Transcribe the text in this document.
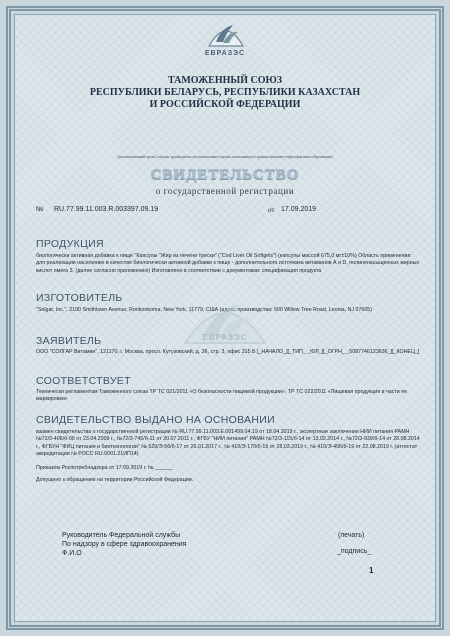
ЕВРАЗЭС
ТАМОЖЕННЫЙ СОЮЗ
РЕСПУБЛИКИ БЕЛАРУСЬ, РЕСПУБЛИКИ КАЗАХСТАН
И РОССИЙСКОЙ ФЕДЕРАЦИИ
(уполномоченный орган Стороны, руководитель уполномоченного органа, выполняющего административно-территориальные образования)
СВИДЕТЕЛЬСТВО
о государственной регистрации
№ RU.77.99.11.003.R.003397.09.19	от 17.09.2019
ПРОДУКЦИЯ
биологически активная добавка к пище "Капсулы "Жир из печени трески" ("Cod Liver Oil Softgels") (капсулы массой 675,0 мг±10%) Область применения: для реализации населению в качестве биологически активной добавки к пище - дополнительного источника витаминов А и D, полиненасыщенных жирных кислот омега 3. (далее согласно приложению) Изготовлено в соответствии с документами: спецификация продукта
ИЗГОТОВИТЕЛЬ
"Solgar, Inc.", 2100 Smithtown Avenue, Ronkonkoma, New York, 11779, США (адрес производства: 500 Willow Tree Road, Leonia, NJ 07605)
ЕВРАЗЭС
ЗАЯВИТЕЛЬ
ООО "СОЛГАР Витамин", 121170, г. Москва, просп. Кутузовский, д. 36, стр. 3, офис 315 Б [_НАЧАЛО_][_ТИП_ _ЮЛ_][_ОГРН_ _5087746123636_][_КОНЕЦ_]
СООТВЕТСТВУЕТ
Технически регламентам Таможенного союза ТР ТС 021/2011 «О безопасности пищевой продукции», ТР ТС 022/2011 «Пищевая продукция в части ее маркировки»
СВИДЕТЕЛЬСТВО ВЫДАНО НА ОСНОВАНИИ
взамен свидетельства о государственной регистрации № RU.77.99.11.003.E.001499.04.19 от 18.04.2019 г., экспертные заключения НИИ питания РАМН №72/3-406/б-09 от 23.04.2009 г., №72/3-745/б-11 от 20.07.2011 г., ФГБУ "НИИ питания" РАМН №72/3-115/б-14 от 13.02.2014 г., №72/3-939/б-14 от 28.08.2014 г., ФГБУН "ФИЦ питания и биотехнологии" № 529/Э-56/б-17 от 26.01.2017 г., № 410/Э-170/б-19 от 28.03.2019 г., № 410/Э-456/б-19 от 22.08.2019 г. (аттестат аккредитации № РОСС RU.0001.21ИП14)
Приказом Роспотребнадзора от 17.09.2019 г. № ______
Допущено к обращению на территории Российской Федерации.
Руководитель Федеральной службы
По надзору в сфере здравоохранения
Ф.И.О
(печать)
_подпись_
1
